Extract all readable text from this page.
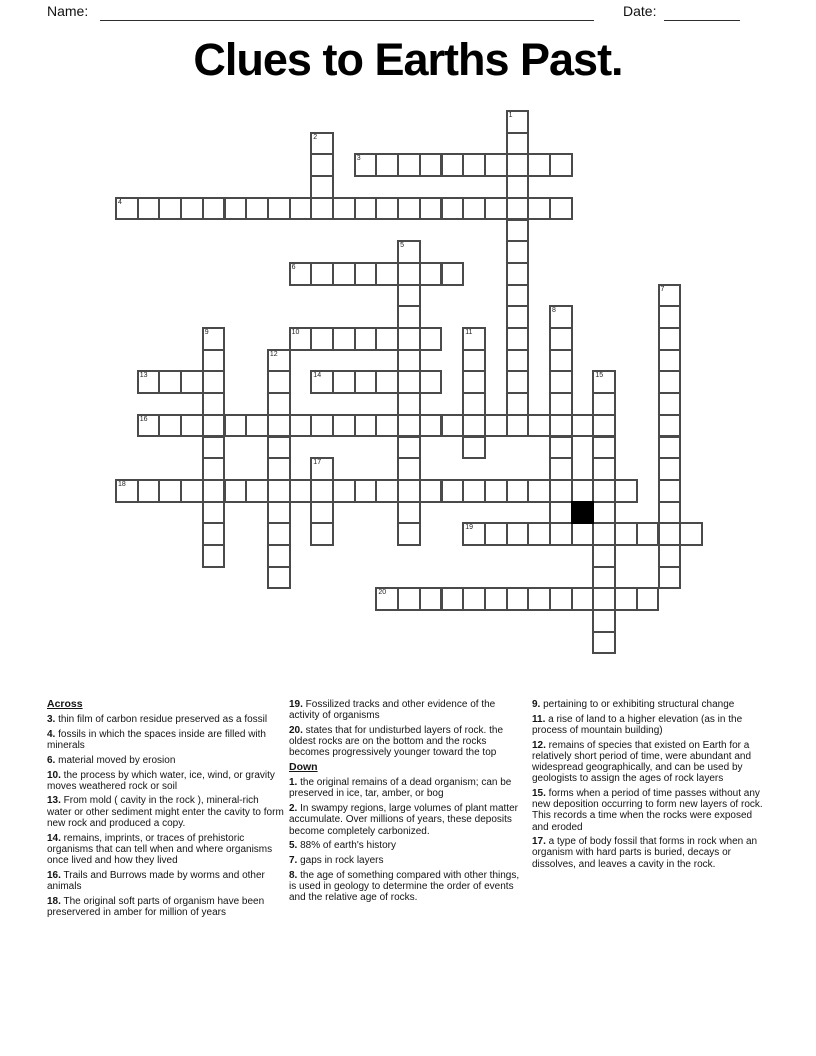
Name:	Date:
Clues to Earths Past.
1
2
3
4
5
6
7
8
9	10	11
12
13	14	15
16
17
18
19
20
Across
3. thin film of carbon residue preserved as a fossil
4. fossils in which the spaces inside are filled with minerals
6. material moved by erosion
10. the process by which water, ice, wind, or gravity moves weathered rock or soil
13. From mold ( cavity in the rock ), mineral-rich water or other sediment might enter the cavity to form new rock and produced a copy.
14. remains, imprints, or traces of prehistoric organisms that can tell when and where organisms once lived and how they lived
16. Trails and Burrows made by worms and other animals
18. The original soft parts of organism have been preservered in amber for million of years
19. Fossilized tracks and other evidence of the activity of organisms
20. states that for undisturbed layers of rock. the oldest rocks are on the bottom and the rocks becomes progressively younger toward the top
Down
1. the original remains of a dead organism; can be preserved in ice, tar, amber, or bog
2. In swampy regions, large volumes of plant matter accumulate. Over millions of years, these deposits become completely carbonized.
5. 88% of earth's history
7. gaps in rock layers
8. the age of something compared with other things, is used in geology to determine the order of events and the relative age of rocks.
9. pertaining to or exhibiting structural change
11. a rise of land to a higher elevation (as in the process of mountain building)
12. remains of species that existed on Earth for a relatively short period of time, were abundant and widespread geographically, and can be used by geologists to assign the ages of rock layers
15. forms when a period of time passes without any new deposition occurring to form new layers of rock. This records a time when the rocks were exposed and eroded
17. a type of body fossil that forms in rock when an organism with hard parts is buried, decays or dissolves, and leaves a cavity in the rock.
